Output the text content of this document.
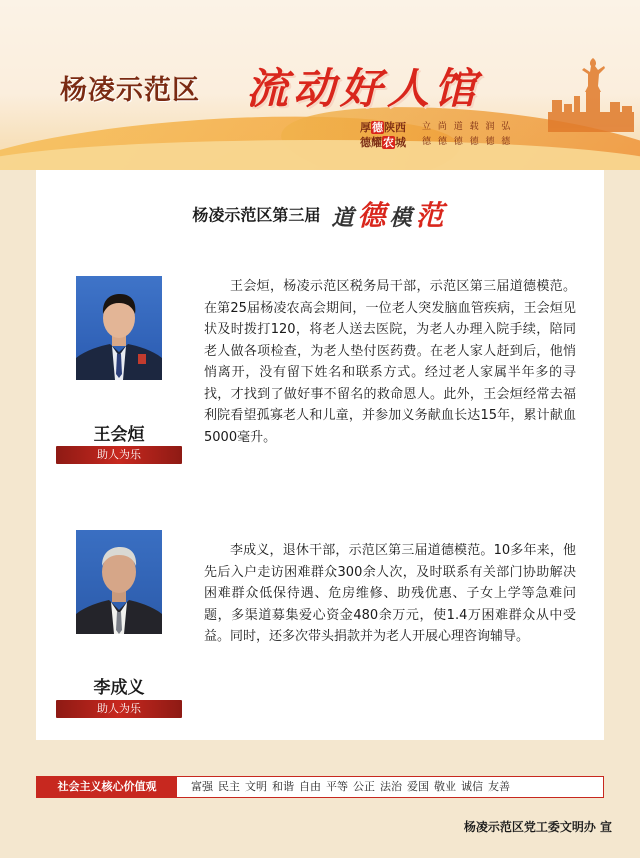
杨凌示范区 流动好人馆
厚德陕西
德耀农城
立 尚 道 载 润 弘
德 德 德 德 德 德
杨凌示范区第三届 道德模范
王会烜
助人为乐
王会烜，杨凌示范区税务局干部，示范区第三届道德模范。在第25届杨凌农高会期间，一位老人突发脑血管疾病，王会烜见状及时拨打120，将老人送去医院，为老人办理入院手续，陪同老人做各项检查，为老人垫付医药费。在老人家人赶到后，他悄悄离开，没有留下姓名和联系方式。经过老人家属半年多的寻找，才找到了做好事不留名的救命恩人。此外，王会烜经常去福利院看望孤寡老人和儿童，并参加义务献血长达15年，累计献血5000毫升。
李成义
助人为乐
李成义，退休干部，示范区第三届道德模范。10多年来，他先后入户走访困难群众300余人次，及时联系有关部门协助解决困难群众低保待遇、危房维修、助残优惠、子女上学等急难问题，多渠道募集爱心资金480余万元，使1.4万困难群众从中受益。同时，还多次带头捐款并为老人开展心理咨询辅导。
社会主义核心价值观	富强 民主 文明 和谐 自由 平等 公正 法治 爱国 敬业 诚信 友善
杨凌示范区党工委文明办 宣
